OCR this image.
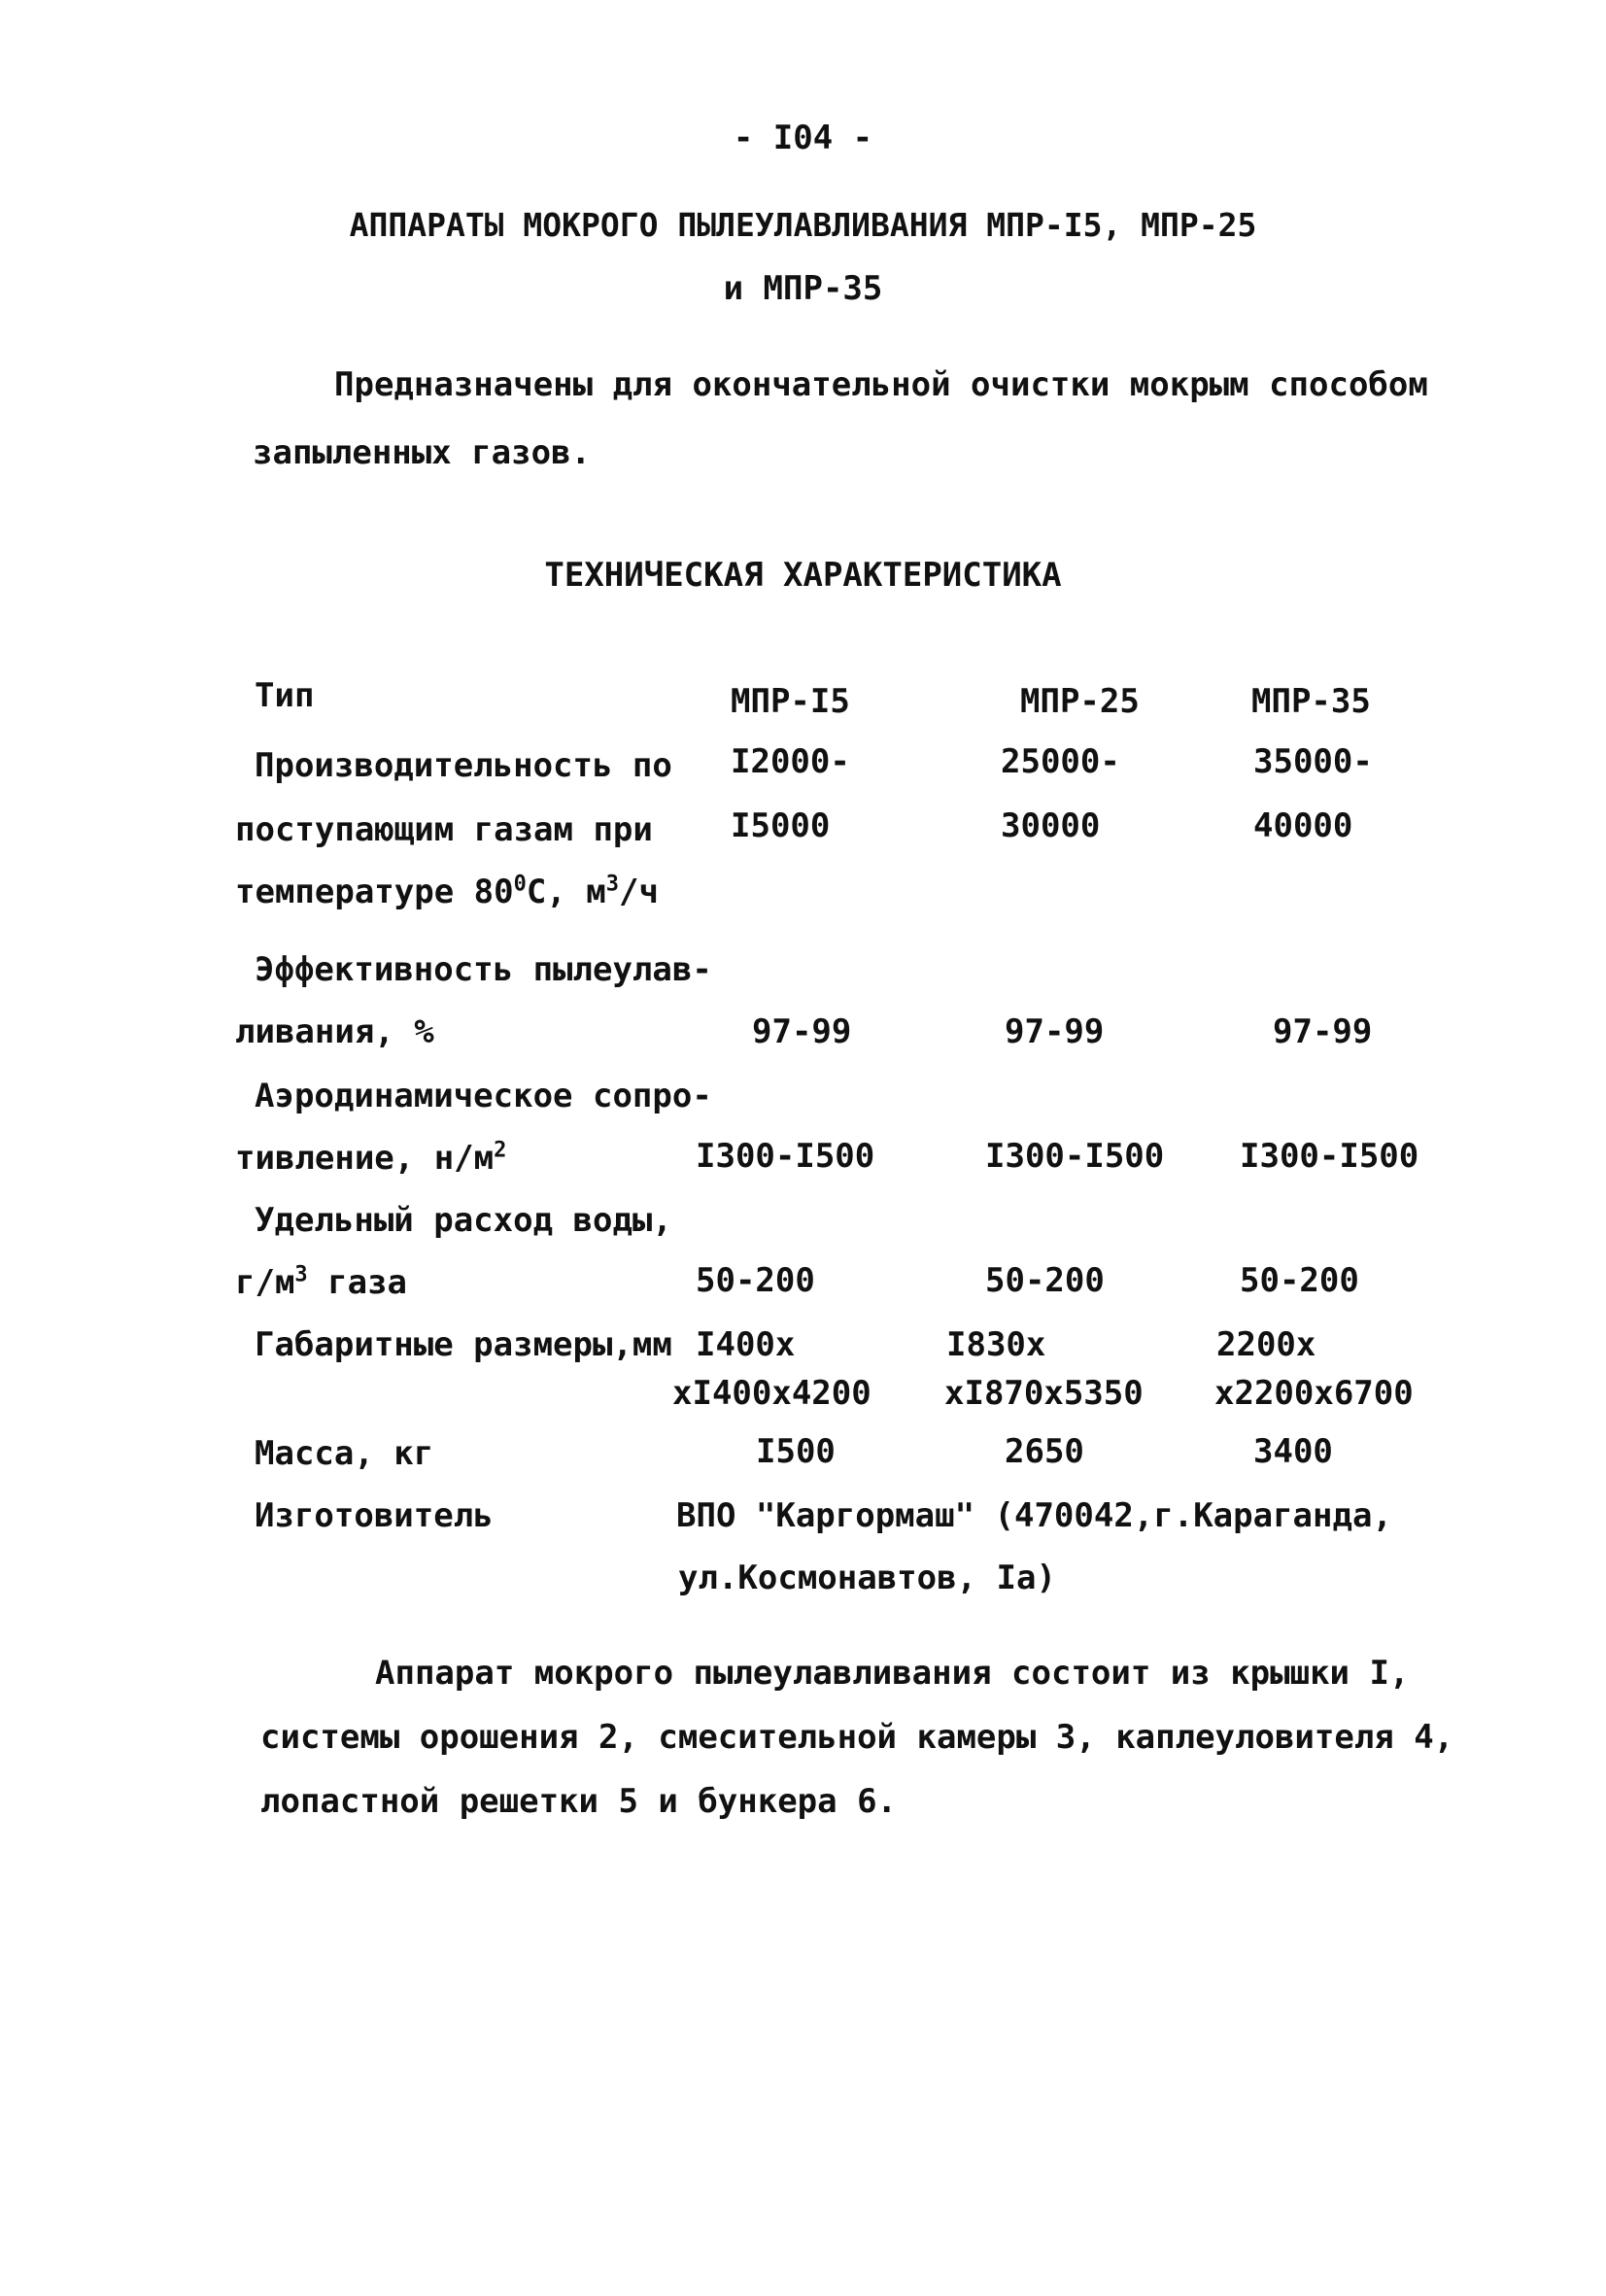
- I04 -
АППАРАТЫ МОКРОГО ПЫЛЕУЛАВЛИВАНИЯ МПР-I5, МПР-25
и МПР-35
Предназначены для окончательной очистки мокрым способом
запыленных газов.
ТЕХНИЧЕСКАЯ ХАРАКТЕРИСТИКА
Тип	МПР-I5	МПР-25	МПР-35
Производительность по
поступающим газам при
температуре $80^0С$, $м^3/ч$
I2000-	25000-	35000-
I5000	30000	40000
Эффективность пылеулав-
ливания, %	97-99	97-99	97-99
Аэродинамическое сопро-
тивление, $н/м^2$	I300-I500	I300-I500 I300-I500
Удельный расход воды,
$г/м^3$ газа	50-200	50-200	50-200
Габаритные размеры,мм I400х	I830х	2200х
хI400х4200 хI870х5350 х2200х6700
Масса, кг	I500	2650	3400
Изготовитель	ВПО "Каргормаш" (470042,г.Караганда,
ул.Космонавтов, Iа)
Аппарат мокрого пылеулавливания состоит из крышки I,
системы орошения 2, смесительной камеры 3, каплеуловителя 4,
лопастной решетки 5 и бункера 6.
